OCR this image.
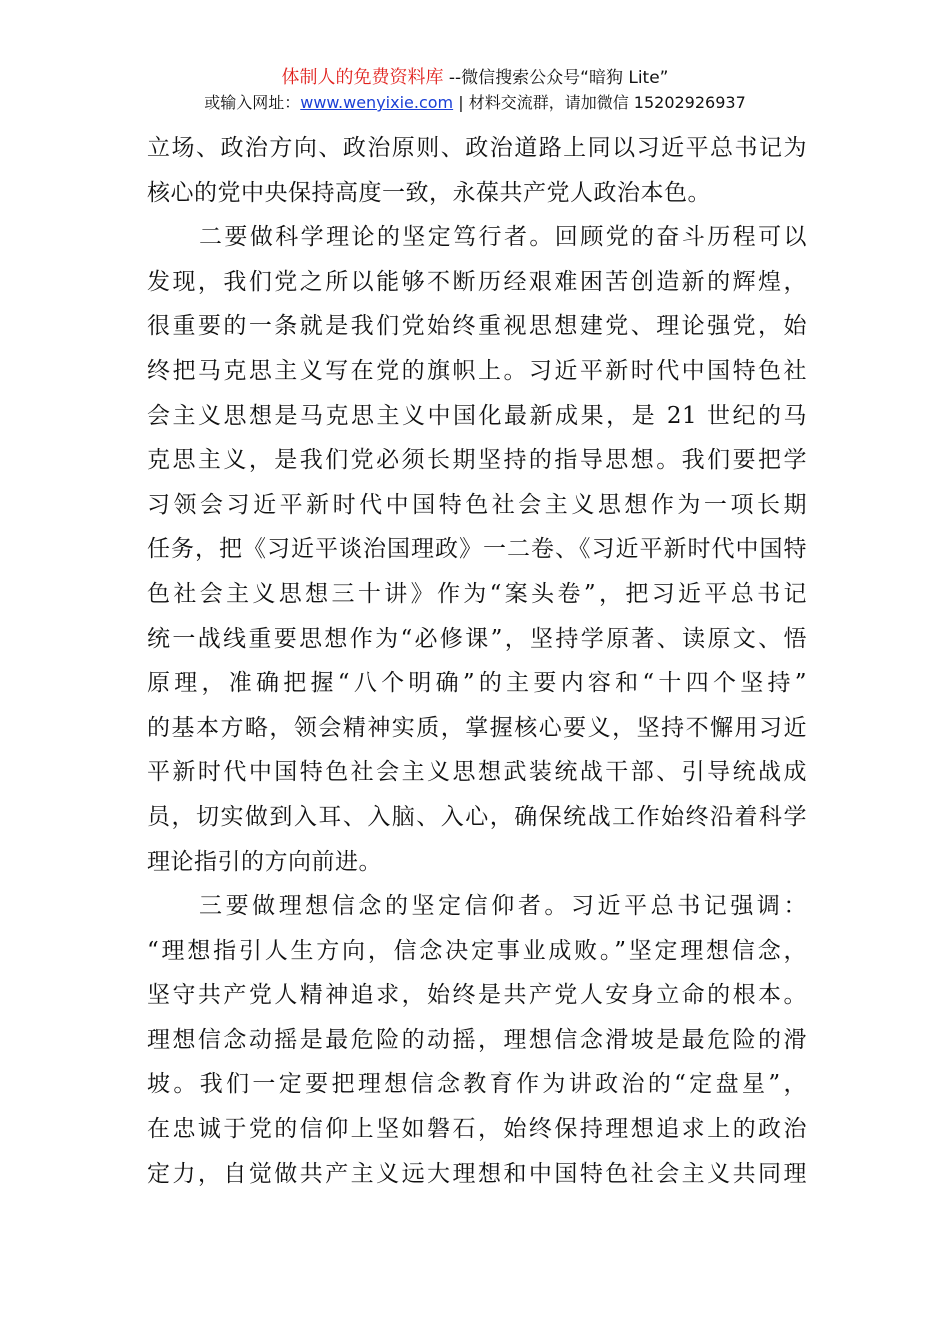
体制人的免费资料库 --微信搜索公众号“暗狗 Lite”
或输入网址：www.wenyixie.com | 材料交流群，请加微信 15202926937
立场、政治方向、政治原则、政治道路上同以习近平总书记为
核心的党中央保持高度一致，永葆共产党人政治本色。
二要做科学理论的坚定笃行者。回顾党的奋斗历程可以
发现，我们党之所以能够不断历经艰难困苦创造新的辉煌，
很重要的一条就是我们党始终重视思想建党、理论强党，始
终把马克思主义写在党的旗帜上。习近平新时代中国特色社
会主义思想是马克思主义中国化最新成果，是 21 世纪的马
克思主义，是我们党必须长期坚持的指导思想。我们要把学
习领会习近平新时代中国特色社会主义思想作为一项长期
任务，把《习近平谈治国理政》一二卷、《习近平新时代中国特
色社会主义思想三十讲》作为“案头卷”，把习近平总书记
统一战线重要思想作为“必修课”，坚持学原著、读原文、悟
原理，准确把握“八个明确”的主要内容和“十四个坚持”
的基本方略，领会精神实质，掌握核心要义，坚持不懈用习近
平新时代中国特色社会主义思想武装统战干部、引导统战成
员，切实做到入耳、入脑、入心，确保统战工作始终沿着科学
理论指引的方向前进。
三要做理想信念的坚定信仰者。习近平总书记强调：
“理想指引人生方向，信念决定事业成败。”坚定理想信念，
坚守共产党人精神追求，始终是共产党人安身立命的根本。
理想信念动摇是最危险的动摇，理想信念滑坡是最危险的滑
坡。我们一定要把理想信念教育作为讲政治的“定盘星”，
在忠诚于党的信仰上坚如磐石，始终保持理想追求上的政治
定力，自觉做共产主义远大理想和中国特色社会主义共同理
